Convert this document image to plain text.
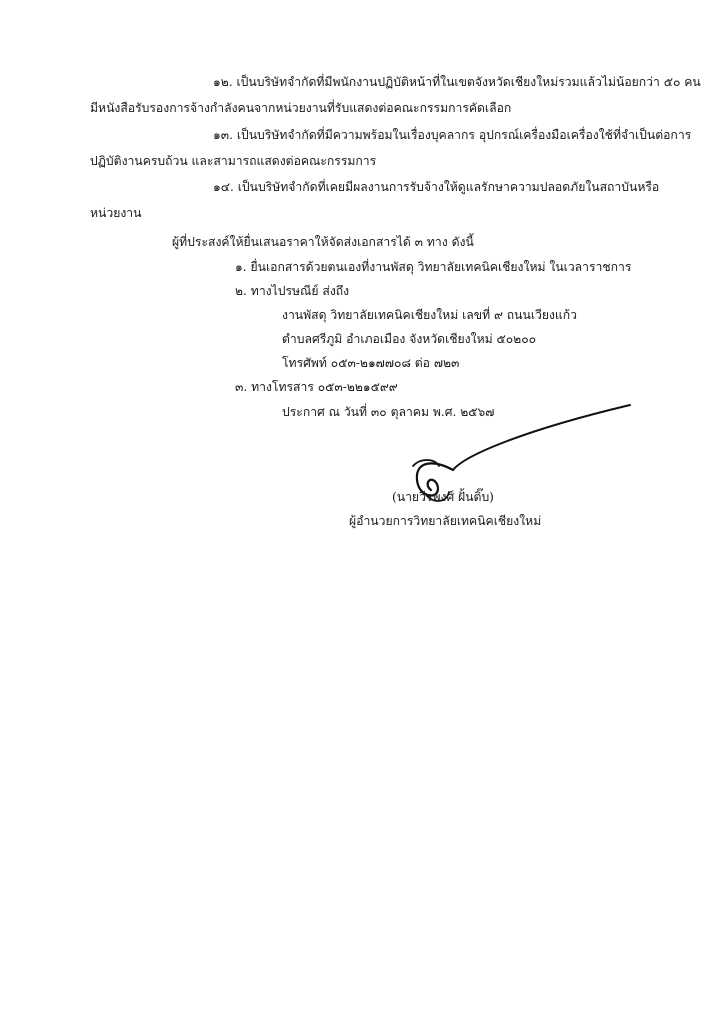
๑๒. เป็นบริษัทจำกัดที่มีพนักงานปฏิบัติหน้าที่ในเขตจังหวัดเชียงใหม่รวมแล้วไม่น้อยกว่า ๕๐ คน
มีหนังสือรับรองการจ้างกำลังคนจากหน่วยงานที่รับแสดงต่อคณะกรรมการคัดเลือก
๑๓. เป็นบริษัทจำกัดที่มีความพร้อมในเรื่องบุคลากร อุปกรณ์เครื่องมือเครื่องใช้ที่จำเป็นต่อการ
ปฏิบัติงานครบถ้วน และสามารถแสดงต่อคณะกรรมการ
๑๔. เป็นบริษัทจำกัดที่เคยมีผลงานการรับจ้างให้ดูแลรักษาความปลอดภัยในสถาบันหรือ
หน่วยงาน
ผู้ที่ประสงค์ให้ยื่นเสนอราคาให้จัดส่งเอกสารได้ ๓ ทาง ดังนี้
๑. ยื่นเอกสารด้วยตนเองที่งานพัสดุ วิทยาลัยเทคนิคเชียงใหม่ ในเวลาราชการ
๒. ทางไปรษณีย์ ส่งถึง
งานพัสดุ วิทยาลัยเทคนิคเชียงใหม่ เลขที่ ๙ ถนนเวียงแก้ว
ตำบลศรีภูมิ อำเภอเมือง จังหวัดเชียงใหม่ ๕๐๒๐๐
โทรศัพท์ ๐๕๓-๒๑๗๗๐๘ ต่อ ๗๒๓
๓. ทางโทรสาร ๐๕๓-๒๒๑๕๙๙
ประกาศ ณ วันที่ ๓๐ ตุลาคม พ.ศ. ๒๕๖๗
(นายวีรพงศ์ ฝั้นติ๊บ)
ผู้อำนวยการวิทยาลัยเทคนิคเชียงใหม่
